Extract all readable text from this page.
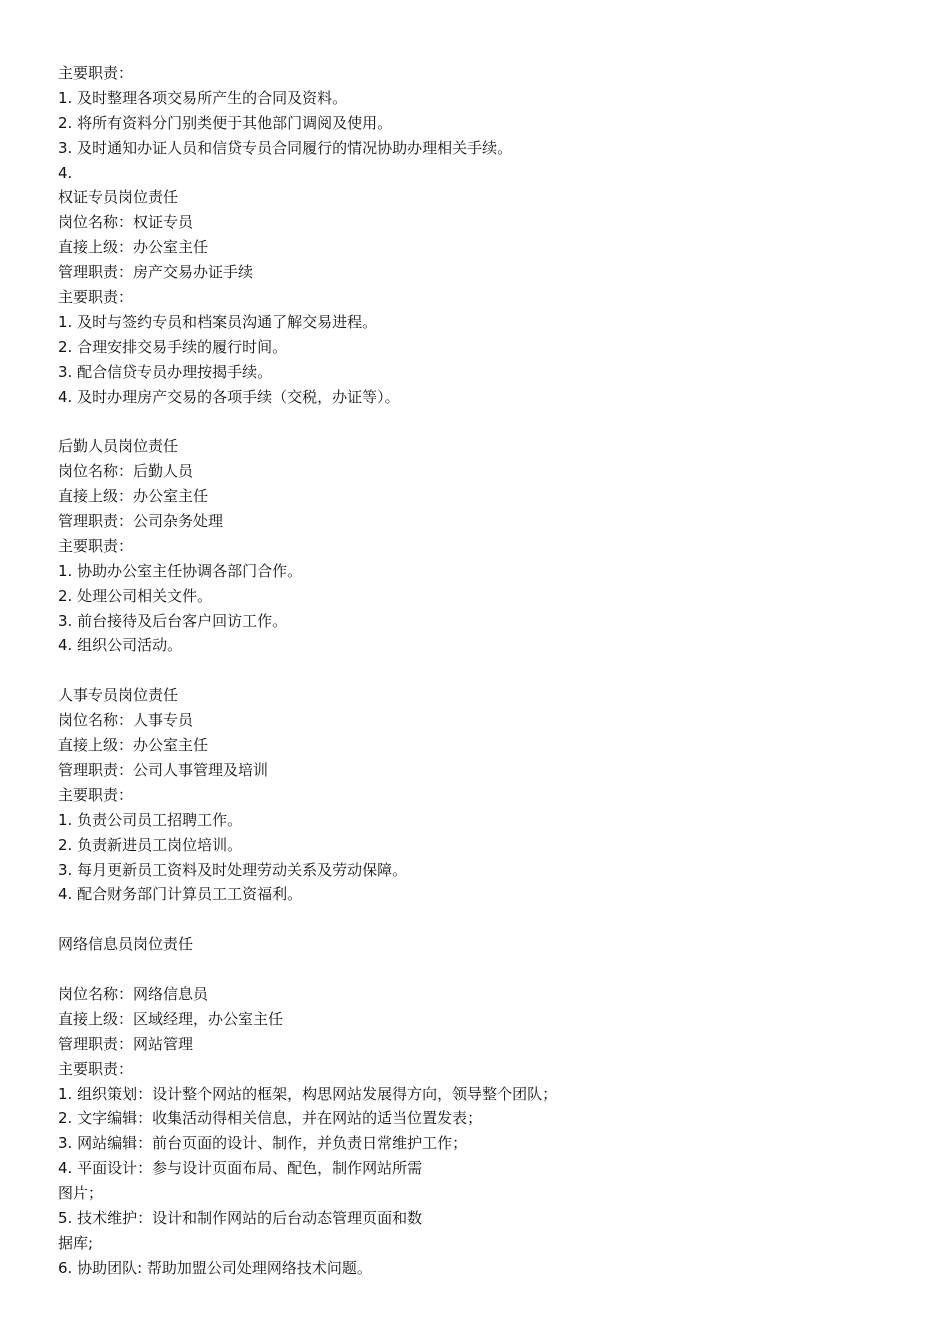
主要职责：
1. 及时整理各项交易所产生的合同及资料。
2. 将所有资料分门别类便于其他部门调阅及使用。
3. 及时通知办证人员和信贷专员合同履行的情况协助办理相关手续。
4.
权证专员岗位责任
岗位名称：权证专员
直接上级：办公室主任
管理职责：房产交易办证手续
主要职责：
1. 及时与签约专员和档案员沟通了解交易进程。
2. 合理安排交易手续的履行时间。
3. 配合信贷专员办理按揭手续。
4. 及时办理房产交易的各项手续（交税，办证等）。
后勤人员岗位责任
岗位名称：后勤人员
直接上级：办公室主任
管理职责：公司杂务处理
主要职责：
1. 协助办公室主任协调各部门合作。
2. 处理公司相关文件。
3. 前台接待及后台客户回访工作。
4. 组织公司活动。
人事专员岗位责任
岗位名称：人事专员
直接上级：办公室主任
管理职责：公司人事管理及培训
主要职责：
1. 负责公司员工招聘工作。
2. 负责新进员工岗位培训。
3. 每月更新员工资料及时处理劳动关系及劳动保障。
4. 配合财务部门计算员工工资福利。
网络信息员岗位责任
岗位名称：网络信息员
直接上级：区域经理，办公室主任
管理职责：网站管理
主要职责：
1. 组织策划：设计整个网站的框架，构思网站发展得方向，领导整个团队；
2. 文字编辑：收集活动得相关信息，并在网站的适当位置发表；
3. 网站编辑：前台页面的设计、制作，并负责日常维护工作；
4. 平面设计：参与设计页面布局、配色，制作网站所需
图片；
5. 技术维护：设计和制作网站的后台动态管理页面和数
据库;
6. 协助团队: 帮助加盟公司处理网络技术问题。
